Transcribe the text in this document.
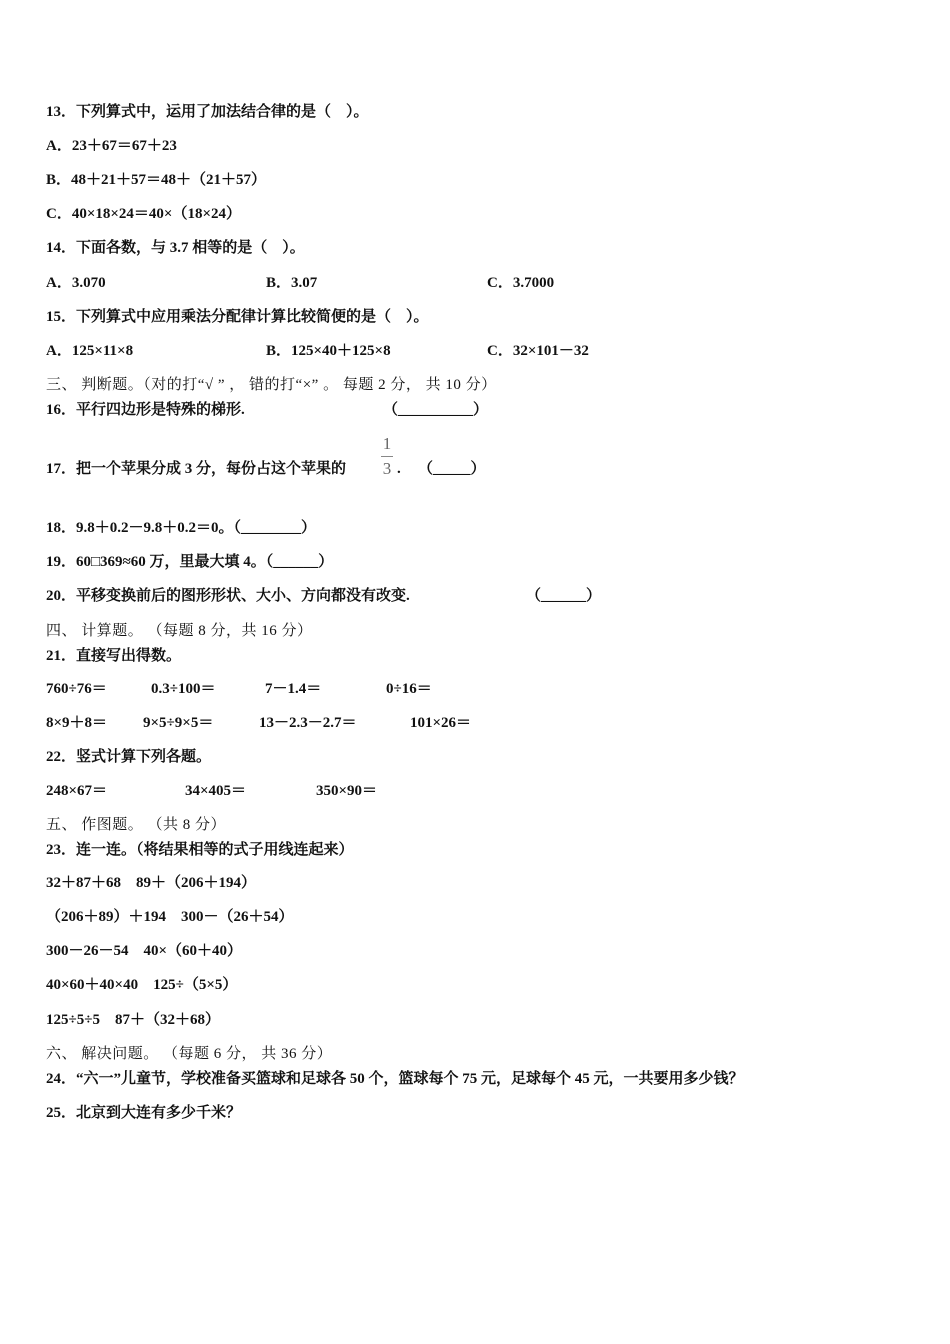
13．下列算式中，运用了加法结合律的是（　）。
A．23＋67＝67＋23
B．48＋21＋57＝48＋（21＋57）
C．40×18×24＝40×（18×24）
14．下面各数，与 3.7 相等的是（　）。
A．3.070	B．3.07	C．3.7000
15．下列算式中应用乘法分配律计算比较简便的是（　）。
A．125×11×8	B．125×40＋125×8	C．32×101－32
三、 判断题。（对的打“√ ” ， 错的打“×” 。 每题 2 分， 共 10 分）
16．平行四边形是特殊的梯形.	（__________）
17．把一个苹果分成 3 分，每份占这个苹果的
1
3 . （_____）
18．9.8＋0.2－9.8＋0.2＝0。（________）
19．60□369≈60 万，里最大填 4。（______）
20．平移变换前后的图形形状、大小、方向都没有改变.	（______）
四、 计算题。 （每题 8 分，共 16 分）
21．直接写出得数。
760÷76＝	0.3÷100＝	7－1.4＝	0÷16＝
8×9＋8＝ 9×5÷9×5＝	13－2.3－2.7＝	101×26＝
22．竖式计算下列各题。
248×67＝	34×405＝	350×90＝
五、 作图题。 （共 8 分）
23．连一连。（将结果相等的式子用线连起来）
32＋87＋68　89＋（206＋194）
（206＋89）＋194　300－（26＋54）
300－26－54　40×（60＋40）
40×60＋40×40　125÷（5×5）
125÷5÷5　87＋（32＋68）
六、 解决问题。 （每题 6 分， 共 36 分）
24．“六一”儿童节，学校准备买篮球和足球各 50 个，篮球每个 75 元，足球每个 45 元，一共要用多少钱？
25．北京到大连有多少千米？
